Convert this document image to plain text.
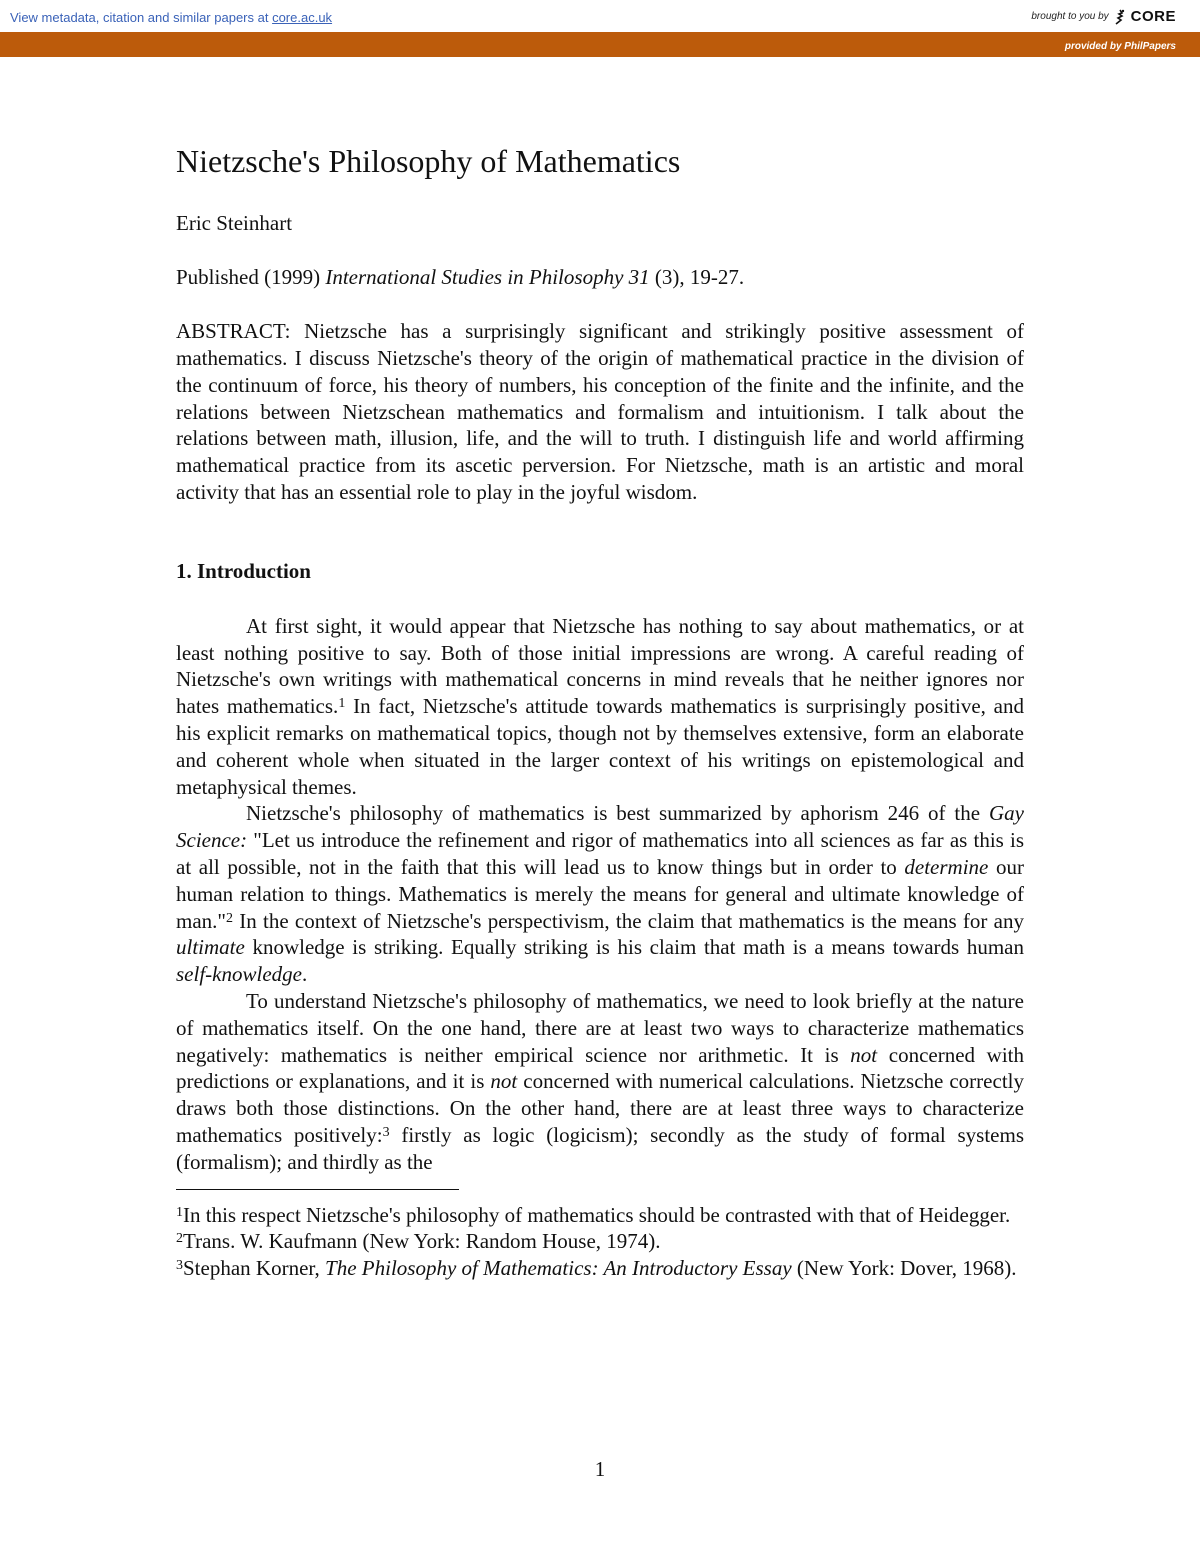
View metadata, citation and similar papers at core.ac.uk	brought to you by CORE
provided by PhilPapers
Nietzsche's Philosophy of Mathematics

Eric Steinhart

Published (1999) International Studies in Philosophy 31 (3), 19-27.

ABSTRACT: Nietzsche has a surprisingly significant and strikingly positive assessment of mathematics. I discuss Nietzsche's theory of the origin of mathematical practice in the division of the continuum of force, his theory of numbers, his conception of the finite and the infinite, and the relations between Nietzschean mathematics and formalism and intuitionism. I talk about the relations between math, illusion, life, and the will to truth. I distinguish life and world affirming mathematical practice from its ascetic perversion. For Nietzsche, math is an artistic and moral activity that has an essential role to play in the joyful wisdom.

1. Introduction

At first sight, it would appear that Nietzsche has nothing to say about mathematics, or at least nothing positive to say. Both of those initial impressions are wrong. A careful reading of Nietzsche's own writings with mathematical concerns in mind reveals that he neither ignores nor hates mathematics.$^1$ In fact, Nietzsche's attitude towards mathematics is surprisingly positive, and his explicit remarks on mathematical topics, though not by themselves extensive, form an elaborate and coherent whole when situated in the larger context of his writings on epistemological and metaphysical themes.

Nietzsche's philosophy of mathematics is best summarized by aphorism 246 of the Gay Science: "Let us introduce the refinement and rigor of mathematics into all sciences as far as this is at all possible, not in the faith that this will lead us to know things but in order to determine our human relation to things. Mathematics is merely the means for general and ultimate knowledge of man."$^2$ In the context of Nietzsche's perspectivism, the claim that mathematics is the means for any ultimate knowledge is striking. Equally striking is his claim that math is a means towards human self-knowledge.

To understand Nietzsche's philosophy of mathematics, we need to look briefly at the nature of mathematics itself. On the one hand, there are at least two ways to characterize mathematics negatively: mathematics is neither empirical science nor arithmetic. It is not concerned with predictions or explanations, and it is not concerned with numerical calculations. Nietzsche correctly draws both those distinctions. On the other hand, there are at least three ways to characterize mathematics positively:$^3$ firstly as logic (logicism); secondly as the study of formal systems (formalism); and thirdly as the

$^1$In this respect Nietzsche's philosophy of mathematics should be contrasted with that of Heidegger.

$^2$Trans. W. Kaufmann (New York: Random House, 1974).

$^3$Stephan Korner, The Philosophy of Mathematics: An Introductory Essay (New York: Dover, 1968).

1
